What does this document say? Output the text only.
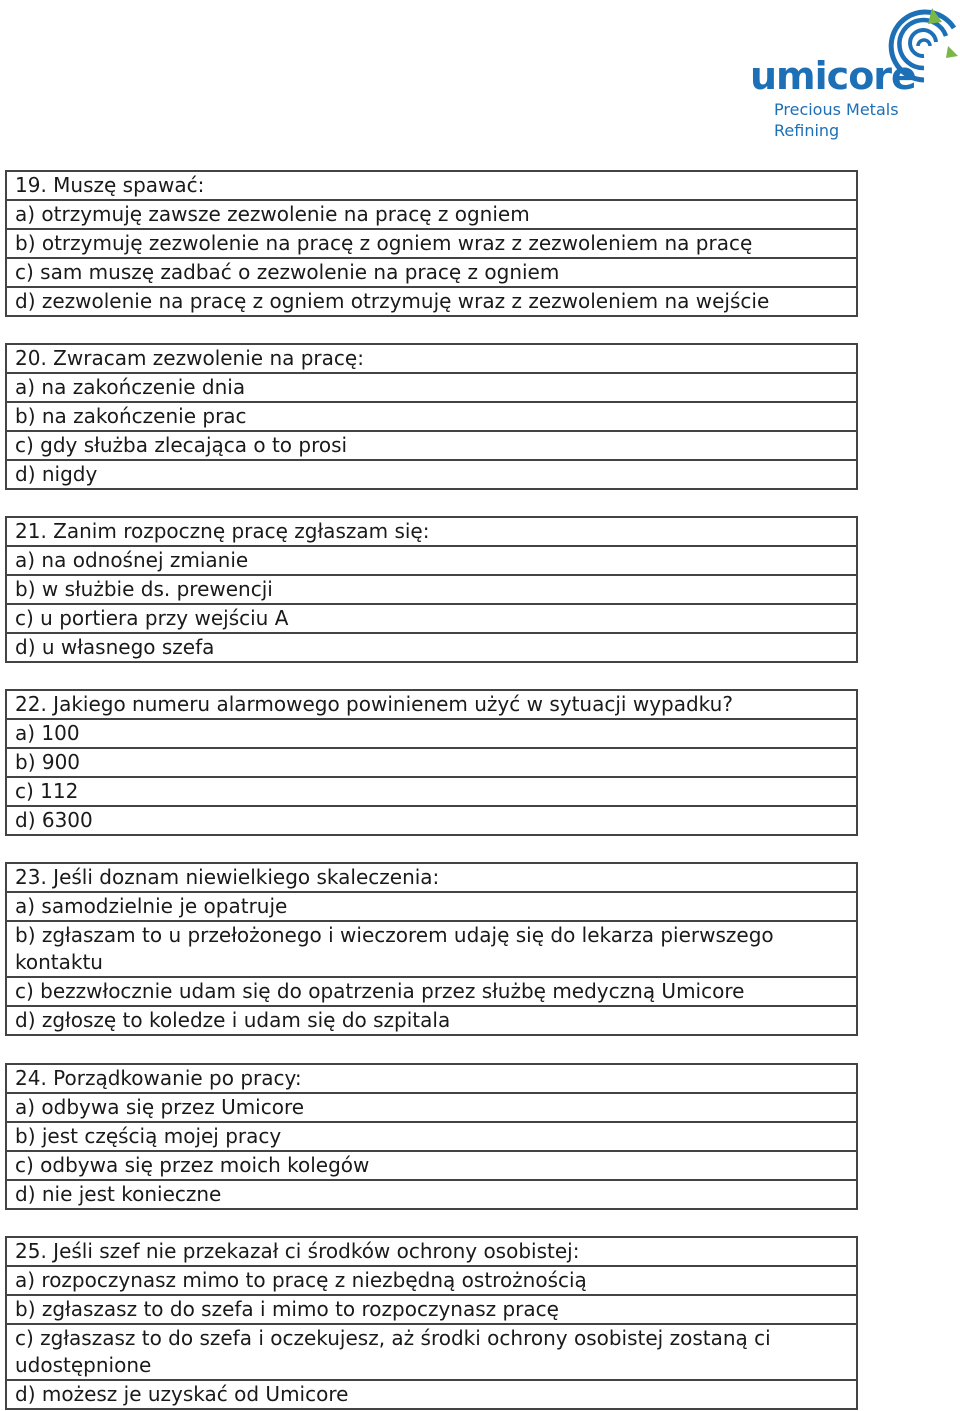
umicore
Precious Metals
Refining
19. Muszę spawać:
a) otrzymuję zawsze zezwolenie na pracę z ogniem
b) otrzymuję zezwolenie na pracę z ogniem wraz z zezwoleniem na pracę
c) sam muszę zadbać o zezwolenie na pracę z ogniem
d) zezwolenie na pracę z ogniem otrzymuję wraz z zezwoleniem na wejście
20. Zwracam zezwolenie na pracę:
a) na zakończenie dnia
b) na zakończenie prac
c) gdy służba zlecająca o to prosi
d) nigdy
21. Zanim rozpocznę pracę zgłaszam się:
a) na odnośnej zmianie
b) w służbie ds. prewencji
c) u portiera przy wejściu A
d) u własnego szefa
22. Jakiego numeru alarmowego powinienem użyć w sytuacji wypadku?
a) 100
b) 900
c) 112
d) 6300
23. Jeśli doznam niewielkiego skaleczenia:
a) samodzielnie je opatruje
b) zgłaszam to u przełożonego i wieczorem udaję się do lekarza pierwszego kontaktu
c) bezzwłocznie udam się do opatrzenia przez służbę medyczną Umicore
d) zgłoszę to koledze i udam się do szpitala
24. Porządkowanie po pracy:
a) odbywa się przez Umicore
b) jest częścią mojej pracy
c) odbywa się przez moich kolegów
d) nie jest konieczne
25. Jeśli szef nie przekazał ci środków ochrony osobistej:
a) rozpoczynasz mimo to pracę z niezbędną ostrożnością
b) zgłaszasz to do szefa i mimo to rozpoczynasz pracę
c) zgłaszasz to do szefa i oczekujesz, aż środki ochrony osobistej zostaną ci udostępnione
d) możesz je uzyskać od Umicore
